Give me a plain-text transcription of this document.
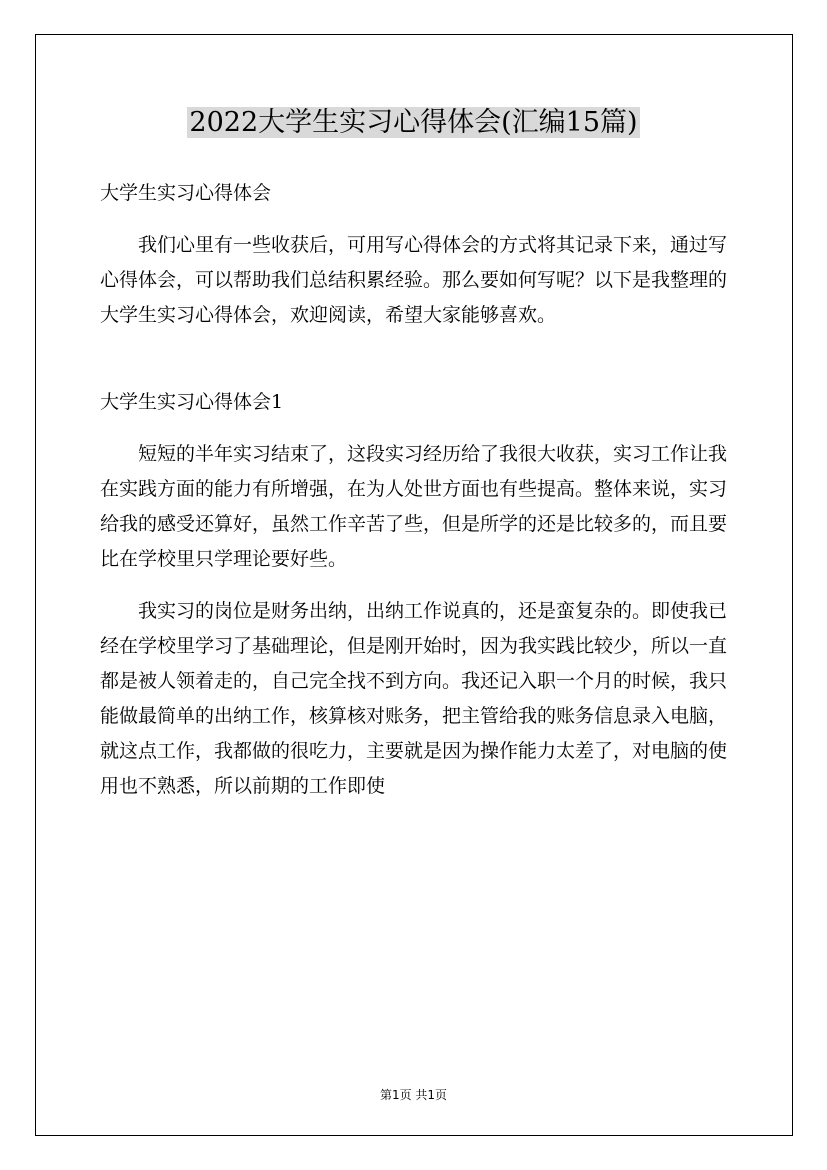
2022大学生实习心得体会(汇编15篇)

大学生实习心得体会

我们心里有一些收获后，可用写心得体会的方式将其记录下来，通过写心得体会，可以帮助我们总结积累经验。那么要如何写呢？以下是我整理的大学生实习心得体会，欢迎阅读，希望大家能够喜欢。

大学生实习心得体会1

短短的半年实习结束了，这段实习经历给了我很大收获，实习工作让我在实践方面的能力有所增强，在为人处世方面也有些提高。整体来说，实习给我的感受还算好，虽然工作辛苦了些，但是所学的还是比较多的，而且要比在学校里只学理论要好些。

我实习的岗位是财务出纳，出纳工作说真的，还是蛮复杂的。即使我已经在学校里学习了基础理论，但是刚开始时，因为我实践比较少，所以一直都是被人领着走的，自己完全找不到方向。我还记入职一个月的时候，我只能做最简单的出纳工作，核算核对账务，把主管给我的账务信息录入电脑，就这点工作，我都做的很吃力，主要就是因为操作能力太差了，对电脑的使用也不熟悉，所以前期的工作即使

第1页 共1页
